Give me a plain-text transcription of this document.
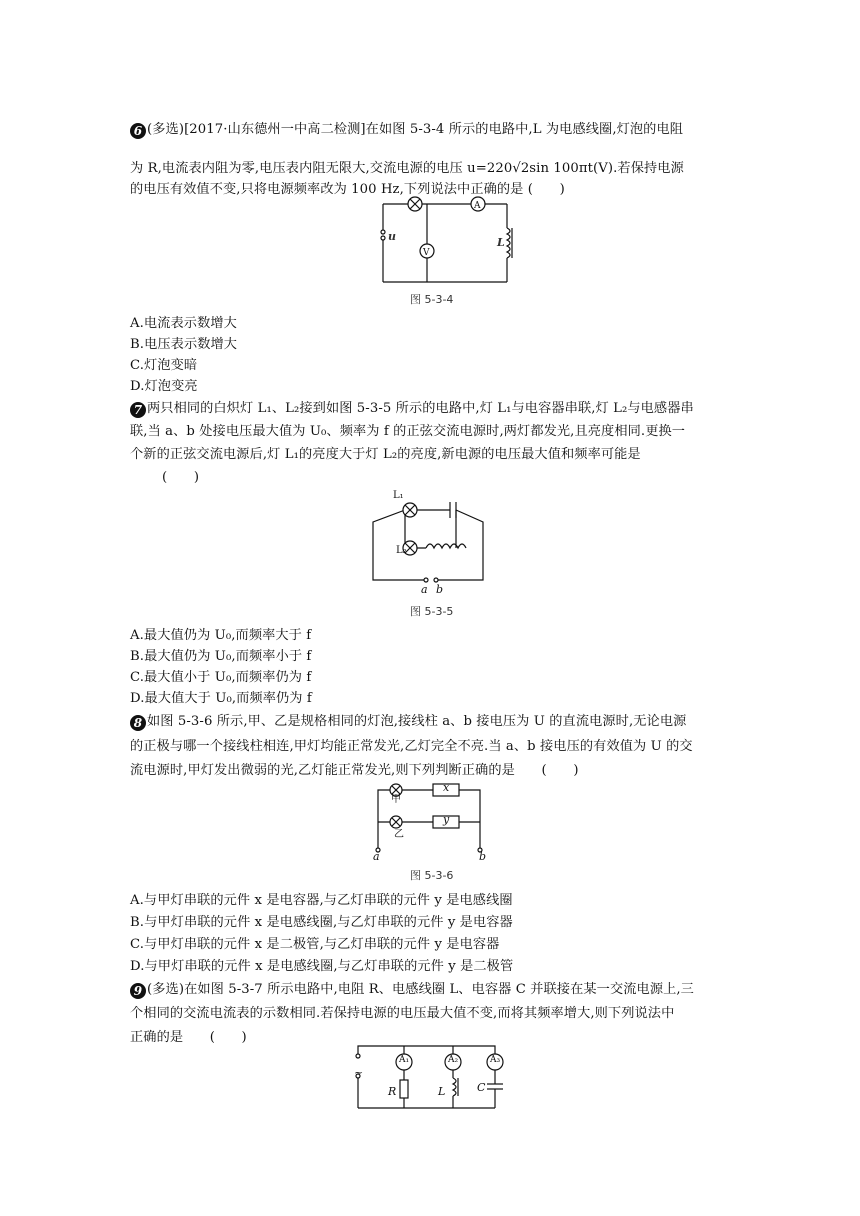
6 (多选)[2017·山东德州一中高二检测]在如图 5-3-4 所示的电路中,L 为电感线圈,灯泡的电阻
为 R,电流表内阻为零,电压表内阻无限大,交流电源的电压 u=220√2sin 100πt(V).若保持电源
的电压有效值不变,只将电源频率改为 100 Hz,下列说法中正确的是 (　　)
A
V
u	L
图 5-3-4
A.电流表示数增大
B.电压表示数增大
C.灯泡变暗
D.灯泡变亮
7 两只相同的白炽灯 L₁、L₂接到如图 5-3-5 所示的电路中,灯 L₁与电容器串联,灯 L₂与电感器串
联,当 a、b 处接电压最大值为 U₀、频率为 f 的正弦交流电源时,两灯都发光,且亮度相同.更换一
个新的正弦交流电源后,灯 L₁的亮度大于灯 L₂的亮度,新电源的电压最大值和频率可能是
(　　)
L₁
L₂
a b
图 5-3-5
A.最大值仍为 U₀,而频率大于 f
B.最大值仍为 U₀,而频率小于 f
C.最大值小于 U₀,而频率仍为 f
D.最大值大于 U₀,而频率仍为 f
8 如图 5-3-6 所示,甲、乙是规格相同的灯泡,接线柱 a、b 接电压为 U 的直流电源时,无论电源
的正极与哪一个接线柱相连,甲灯均能正常发光,乙灯完全不亮.当 a、b 接电压的有效值为 U 的交
流电源时,甲灯发出微弱的光,乙灯能正常发光,则下列判断正确的是　　(　　)
甲
乙
x
y
a	b
图 5-3-6
A.与甲灯串联的元件 x 是电容器,与乙灯串联的元件 y 是电感线圈
B.与甲灯串联的元件 x 是电感线圈,与乙灯串联的元件 y 是电容器
C.与甲灯串联的元件 x 是二极管,与乙灯串联的元件 y 是电容器
D.与甲灯串联的元件 x 是电感线圈,与乙灯串联的元件 y 是二极管
9 (多选)在如图 5-3-7 所示电路中,电阻 R、电感线圈 L、电容器 C 并联接在某一交流电源上,三
个相同的交流电流表的示数相同.若保持电源的电压最大值不变,而将其频率增大,则下列说法中
正确的是　　(　　)
~
A₁	A₂	A₃
R	L	C
